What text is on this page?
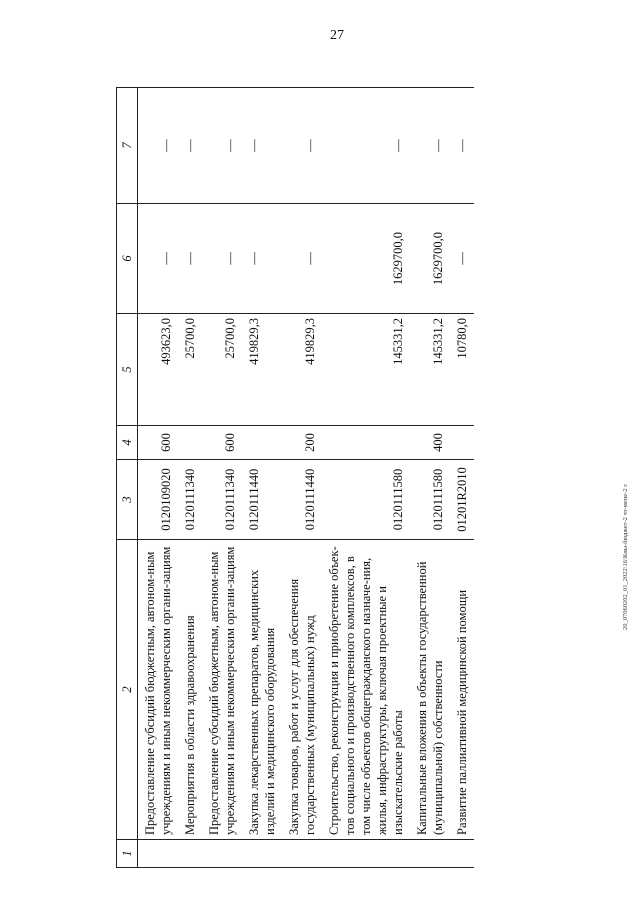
27
20_07060202_01_2022\16\Киы-бюджет-2 чт-мене-2 с
1	2	3	4	5	6	7
	Предоставление субсидий бюджетным, автоном-ным учреждениям и иным некоммерческим органи-зациям	0120109020	600	493623,0	—	—
	Мероприятия в области здравоохранения	0120111340		25700,0	—	—
	Предоставление субсидий бюджетным, автоном-ным учреждениям и иным некоммерческим органи-зациям	0120111340	600	25700,0	—	—
	Закупка лекарственных препаратов, медицинских изделий и медицинского оборудования	0120111440		419829,3	—	—
	Закупка товаров, работ и услуг для обеспечения государственных (муниципальных) нужд	0120111440	200	419829,3	—	—
	Строительство, реконструкция и приобретение объек-тов социального и производственного комплексов, в том числе объектов общегражданского назначе-ния, жилья, инфраструктуры, включая проектные и изыскательские работы	0120111580		145331,2	1629700,0	—
	Капитальные вложения в объекты государственной (муниципальной) собственности	0120111580	400	145331,2	1629700,0	—
	Развитие паллиативной медицинской помощи	01201R2010		10780,0	—	—
